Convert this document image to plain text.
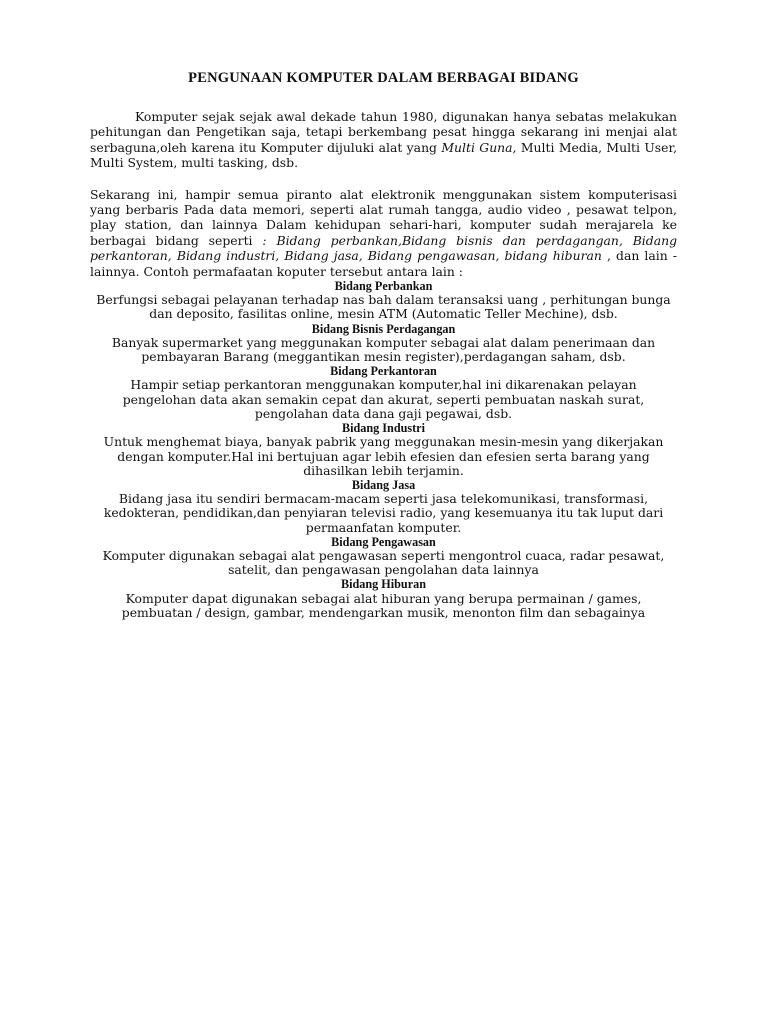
PENGUNAAN KOMPUTER DALAM BERBAGAI BIDANG

Komputer sejak sejak awal dekade tahun 1980, digunakan hanya sebatas melakukan pehitungan dan Pengetikan saja, tetapi berkembang pesat hingga sekarang ini menjai alat serbaguna,oleh karena itu Komputer dijuluki alat yang Multi Guna, Multi Media, Multi User, Multi System, multi tasking, dsb.

Sekarang ini, hampir semua piranto alat elektronik menggunakan sistem komputerisasi yang berbaris Pada data memori, seperti alat rumah tangga, audio video , pesawat telpon, play station, dan lainnya Dalam kehidupan sehari-hari, komputer sudah merajarela ke berbagai bidang seperti : Bidang perbankan,Bidang bisnis dan perdagangan, Bidang perkantoran, Bidang industri, Bidang jasa, Bidang pengawasan, bidang hiburan , dan lain -lainnya. Contoh permafaatan koputer tersebut antara lain :

Bidang Perbankan
Berfungsi sebagai pelayanan terhadap nas bah dalam teransaksi uang , perhitungan bunga dan deposito, fasilitas online, mesin ATM (Automatic Teller Mechine), dsb.
Bidang Bisnis Perdagangan
Banyak supermarket yang meggunakan komputer sebagai alat dalam penerimaan dan pembayaran Barang (meggantikan mesin register),perdagangan saham, dsb.
Bidang Perkantoran
Hampir setiap perkantoran menggunakan komputer,hal ini dikarenakan pelayan pengelohan data akan semakin cepat dan akurat, seperti pembuatan naskah surat, pengolahan data dana gaji pegawai, dsb.
Bidang Industri
Untuk menghemat biaya, banyak pabrik yang meggunakan mesin-mesin yang dikerjakan dengan komputer.Hal ini bertujuan agar lebih efesien dan efesien serta barang yang dihasilkan lebih terjamin.
Bidang Jasa
Bidang jasa itu sendiri bermacam-macam seperti jasa telekomunikasi, transformasi, kedokteran, pendidikan,dan penyiaran televisi radio, yang kesemuanya itu tak luput dari permaanfatan komputer.
Bidang Pengawasan
Komputer digunakan sebagai alat pengawasan seperti mengontrol cuaca, radar pesawat, satelit, dan pengawasan pengolahan data lainnya
Bidang Hiburan
Komputer dapat digunakan sebagai alat hiburan yang berupa permainan / games, pembuatan / design, gambar, mendengarkan musik, menonton film dan sebagainya
